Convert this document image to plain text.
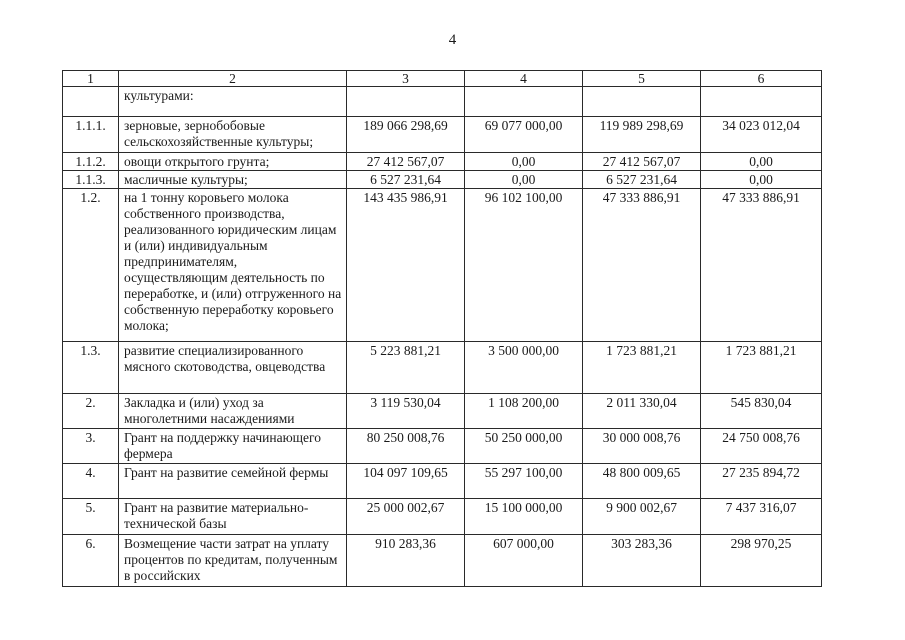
4
1	2	3	4	5	6
	культурами:				
1.1.1.	зерновые, зернобобовые сельскохозяйственные культуры;	189 066 298,69	69 077 000,00	119 989 298,69	34 023 012,04
1.1.2.	овощи открытого грунта;	27 412 567,07	0,00	27 412 567,07	0,00
1.1.3.	масличные культуры;	6 527 231,64	0,00	6 527 231,64	0,00
1.2.	на 1 тонну коровьего молока собственного производства, реализованного юридическим лицам и (или) индивидуальным предпринимателям, осуществляющим деятельность по переработке, и (или) отгруженного на собственную переработку коровьего молока;	143 435 986,91	96 102 100,00	47 333 886,91	47 333 886,91
1.3.	развитие специализированного мясного скотоводства, овцеводства	5 223 881,21	3 500 000,00	1 723 881,21	1 723 881,21
2.	Закладка и (или) уход за многолетними насаждениями	3 119 530,04	1 108 200,00	2 011 330,04	545 830,04
3.	Грант на поддержку начинающего фермера	80 250 008,76	50 250 000,00	30 000 008,76	24 750 008,76
4.	Грант на развитие семейной фермы	104 097 109,65	55 297 100,00	48 800 009,65	27 235 894,72
5.	Грант на развитие материально-технической базы	25 000 002,67	15 100 000,00	9 900 002,67	7 437 316,07
6.	Возмещение части затрат на уплату процентов по кредитам, полученным в российских	910 283,36	607 000,00	303 283,36	298 970,25
